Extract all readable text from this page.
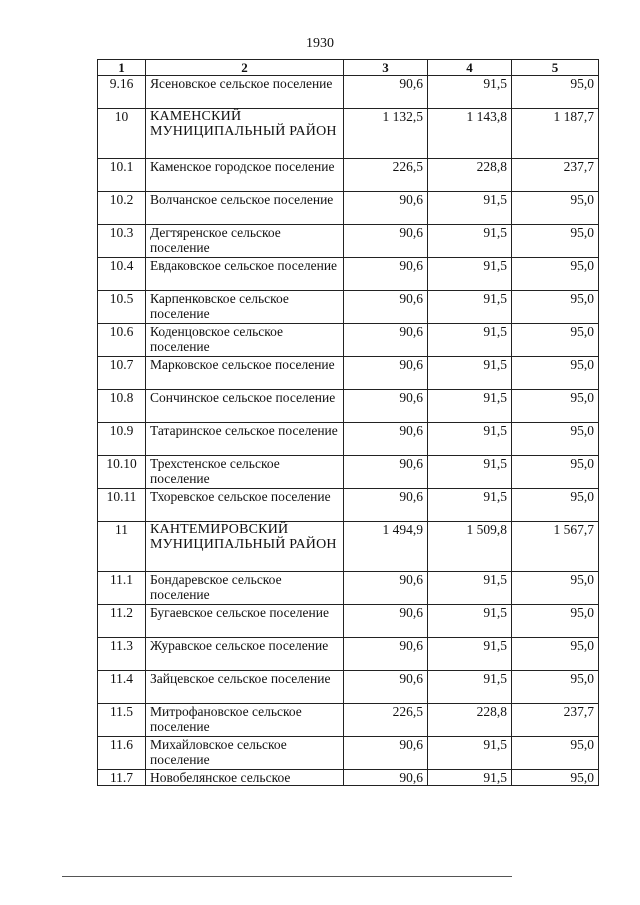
1930
1	2	3	4	5
9.16	Ясеновское сельское поселение	90,6	91,5	95,0
10	КАМЕНСКИЙ МУНИЦИПАЛЬНЫЙ РАЙОН	1 132,5	1 143,8	1 187,7
10.1	Каменское городское поселение	226,5	228,8	237,7
10.2	Волчанское сельское поселение	90,6	91,5	95,0
10.3	Дегтяренское сельское поселение	90,6	91,5	95,0
10.4	Евдаковское сельское поселение	90,6	91,5	95,0
10.5	Карпенковское сельское поселение	90,6	91,5	95,0
10.6	Коденцовское сельское поселение	90,6	91,5	95,0
10.7	Марковское сельское поселение	90,6	91,5	95,0
10.8	Сончинское сельское поселение	90,6	91,5	95,0
10.9	Татаринское сельское поселение	90,6	91,5	95,0
10.10	Трехстенское сельское поселение	90,6	91,5	95,0
10.11	Тхоревское сельское поселение	90,6	91,5	95,0
11	КАНТЕМИРОВСКИЙ МУНИЦИПАЛЬНЫЙ РАЙОН	1 494,9	1 509,8	1 567,7
11.1	Бондаревское сельское поселение	90,6	91,5	95,0
11.2	Бугаевское сельское поселение	90,6	91,5	95,0
11.3	Журавское сельское поселение	90,6	91,5	95,0
11.4	Зайцевское сельское поселение	90,6	91,5	95,0
11.5	Митрофановское сельское поселение	226,5	228,8	237,7
11.6	Михайловское сельское поселение	90,6	91,5	95,0
11.7	Новобелянское сельское	90,6	91,5	95,0
